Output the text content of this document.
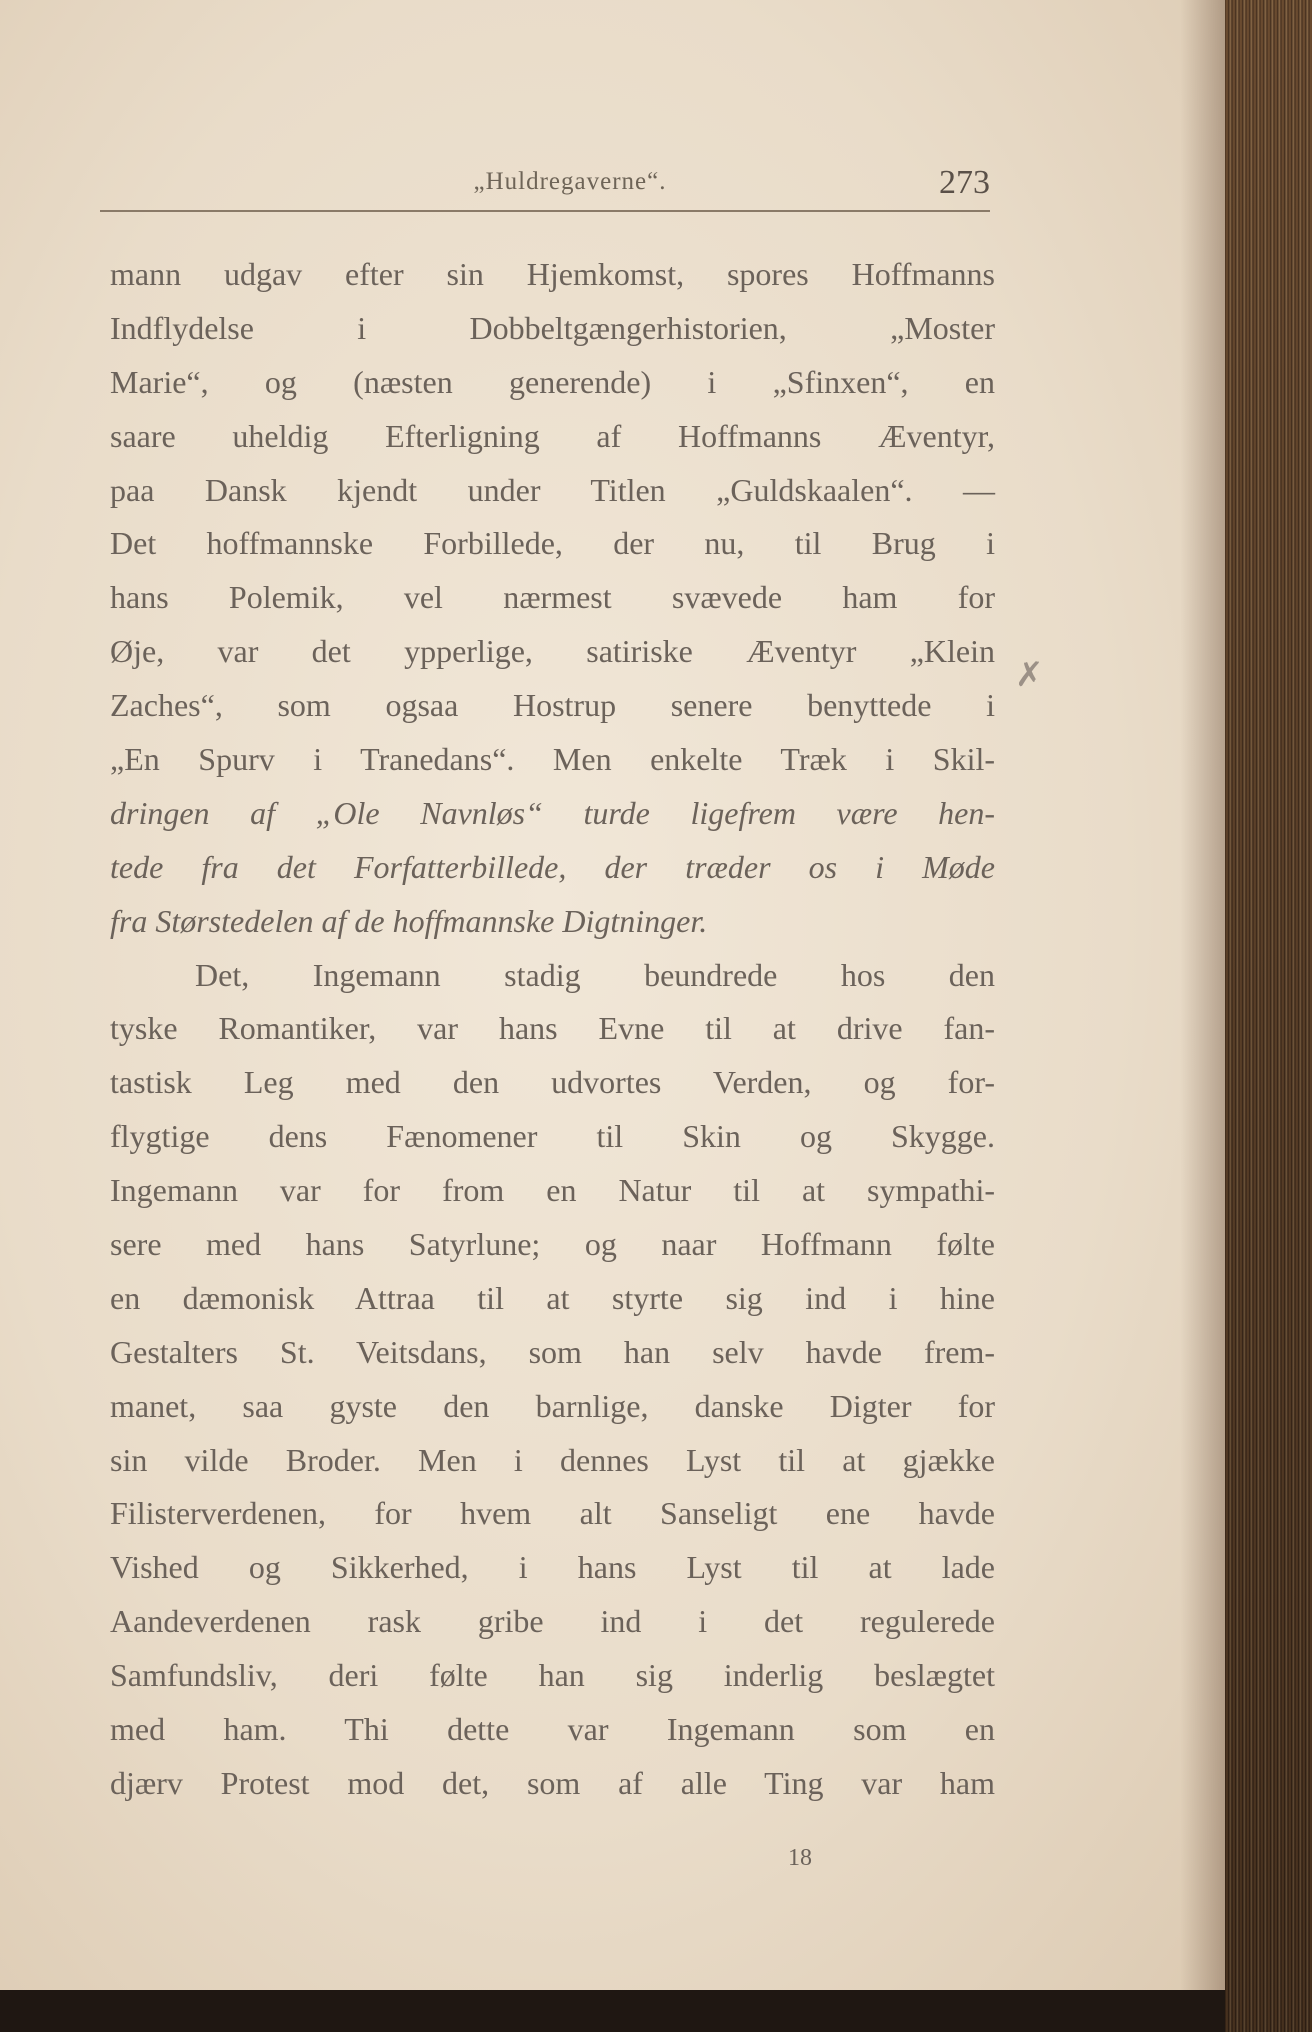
„Huldregaverne“.	273
✗
mann udgav efter sin Hjemkomst, spores Hoffmanns
Indflydelse i Dobbeltgængerhistorien, „Moster
Marie“, og (næsten generende) i „Sfinxen“, en
saare uheldig Efterligning af Hoffmanns Æventyr,
paa Dansk kjendt under Titlen „Guldskaalen“. —
Det hoffmannske Forbillede, der nu, til Brug i
hans Polemik, vel nærmest svævede ham for
Øje, var det ypperlige, satiriske Æventyr „Klein
Zaches“, som ogsaa Hostrup senere benyttede i
„En Spurv i Tranedans“. Men enkelte Træk i Skil-
dringen af „Ole Navnløs“ turde ligefrem være hen-
tede fra det Forfatterbillede, der træder os i Møde
fra Størstedelen af de hoffmannske Digtninger.
Det, Ingemann stadig beundrede hos den
tyske Romantiker, var hans Evne til at drive fan-
tastisk Leg med den udvortes Verden, og for-
flygtige dens Fænomener til Skin og Skygge.
Ingemann var for from en Natur til at sympathi-
sere med hans Satyrlune; og naar Hoffmann følte
en dæmonisk Attraa til at styrte sig ind i hine
Gestalters St. Veitsdans, som han selv havde frem-
manet, saa gyste den barnlige, danske Digter for
sin vilde Broder. Men i dennes Lyst til at gjække
Filisterverdenen, for hvem alt Sanseligt ene havde
Vished og Sikkerhed, i hans Lyst til at lade
Aandeverdenen rask gribe ind i det regulerede
Samfundsliv, deri følte han sig inderlig beslægtet
med ham. Thi dette var Ingemann som en
djærv Protest mod det, som af alle Ting var ham
18
